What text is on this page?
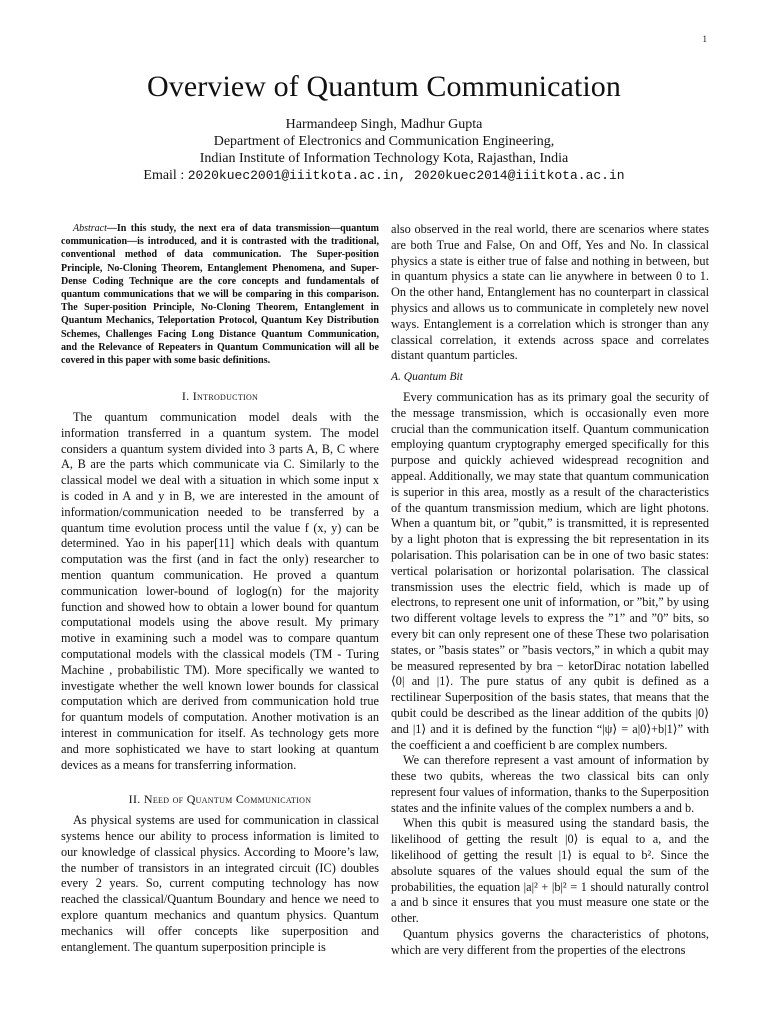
1
Overview of Quantum Communication
Harmandeep Singh, Madhur Gupta
Department of Electronics and Communication Engineering,
Indian Institute of Information Technology Kota, Rajasthan, India
Email : 2020kuec2001@iiitkota.ac.in, 2020kuec2014@iiitkota.ac.in

Abstract—In this study, the next era of data transmission—quantum communication—is introduced, and it is contrasted with the traditional, conventional method of data communication. The Super-position Principle, No-Cloning Theorem, Entanglement Phenomena, and Super-Dense Coding Technique are the core concepts and fundamentals of quantum communications that we will be comparing in this comparison. The Super-position Principle, No-Cloning Theorem, Entanglement in Quantum Mechanics, Teleportation Protocol, Quantum Key Distribution Schemes, Challenges Facing Long Distance Quantum Communication, and the Relevance of Repeaters in Quantum Communication will all be covered in this paper with some basic definitions.

I. Introduction

The quantum communication model deals with the information transferred in a quantum system. The model considers a quantum system divided into 3 parts A, B, C where A, B are the parts which communicate via C. Similarly to the classical model we deal with a situation in which some input x is coded in A and y in B, we are interested in the amount of information/communication needed to be transferred by a quantum time evolution process until the value f (x, y) can be determined. Yao in his paper[11] which deals with quantum computation was the first (and in fact the only) researcher to mention quantum communication. He proved a quantum communication lower-bound of loglog(n) for the majority function and showed how to obtain a lower bound for quantum computational models using the above result. My primary motive in examining such a model was to compare quantum computational models with the classical models (TM - Turing Machine , probabilistic TM). More specifically we wanted to investigate whether the well known lower bounds for classical computation which are derived from communication hold true for quantum models of computation. Another motivation is an interest in communication for itself. As technology gets more and more sophisticated we have to start looking at quantum devices as a means for transferring information.

II. Need of Quantum Communication

As physical systems are used for communication in classical systems hence our ability to process information is limited to our knowledge of classical physics. According to Moore’s law, the number of transistors in an integrated circuit (IC) doubles every 2 years. So, current computing technology has now reached the classical/Quantum Boundary and hence we need to explore quantum mechanics and quantum physics. Quantum mechanics will offer concepts like superposition and entanglement. The quantum superposition principle is

also observed in the real world, there are scenarios where states are both True and False, On and Off, Yes and No. In classical physics a state is either true of false and nothing in between, but in quantum physics a state can lie anywhere in between 0 to 1. On the other hand, Entanglement has no counterpart in classical physics and allows us to communicate in completely new novel ways. Entanglement is a correlation which is stronger than any classical correlation, it extends across space and correlates distant quantum particles.

A. Quantum Bit

Every communication has as its primary goal the security of the message transmission, which is occasionally even more crucial than the communication itself. Quantum communication employing quantum cryptography emerged specifically for this purpose and quickly achieved widespread recognition and appeal. Additionally, we may state that quantum communication is superior in this area, mostly as a result of the characteristics of the quantum transmission medium, which are light photons. When a quantum bit, or ”qubit,” is transmitted, it is represented by a light photon that is expressing the bit representation in its polarisation. This polarisation can be in one of two basic states: vertical polarisation or horizontal polarisation. The classical transmission uses the electric field, which is made up of electrons, to represent one unit of information, or ”bit,” by using two different voltage levels to express the ”1” and ”0” bits, so every bit can only represent one of these These two polarisation states, or ”basis states” or ”basis vectors,” in which a qubit may be measured represented by bra − ketorDirac notation labelled ⟨0| and |1⟩. The pure status of any qubit is defined as a rectilinear Superposition of the basis states, that means that the qubit could be described as the linear addition of the qubits |0⟩ and |1⟩ and it is defined by the function “|ψ⟩ = a|0⟩+b|1⟩” with the coefficient a and coefficient b are complex numbers.

We can therefore represent a vast amount of information by these two qubits, whereas the two classical bits can only represent four values of information, thanks to the Superposition states and the infinite values of the complex numbers a and b.

When this qubit is measured using the standard basis, the likelihood of getting the result |0⟩ is equal to a, and the likelihood of getting the result |1⟩ is equal to b². Since the absolute squares of the values should equal the sum of the probabilities, the equation |a|² + |b|² = 1 should naturally control a and b since it ensures that you must measure one state or the other.

Quantum physics governs the characteristics of photons, which are very different from the properties of the electrons
